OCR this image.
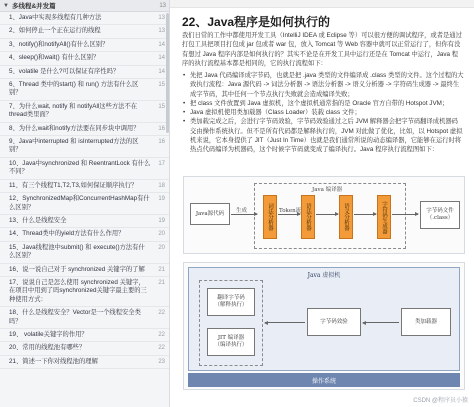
▼ 多线程&并发篇	13
1、Java中实现多线程有几种方法	13
2、如何停止一个正在运行的线程	13
3、notify()和notifyAll()有什么区别？	14
4、sleep()和wait() 有什么区别？	14
5、volatile 是什么?可以保证有序性吗？	14
6、Thread 类中的start() 和 run() 方法有什么区别？
15
7、为什么wait, notify 和 notifyAll这些方法不在thread类里面？
15
8、为什么wait和notify方法要在同步块中调用？	16
9、Java中interrupted 和 isInterrupted方法的区别？
16
10、Java中synchronized 和 ReentrantLock 有什么不同？
17
11、有三个线程T1,T2,T3,如何保证顺序执行？	18
12、SynchronizedMap和ConcurrentHashMap有什么区别？
19
13、什么是线程安全	19
14、Thread类中的yield方法有什么作用？	20
15、Java线程池中submit() 和 execute()方法有什么区别？
20
16、说一说自己对于 synchronized 关键字的了解 21
17、说说自己是怎么使用 synchronized 关键字，在项目中用到了吗synchronized关键字最主要的三种使用方式：
21
18、什么是线程安全？Vector是一个线程安全类吗？
22
19、 volatile关键字的作用？	22
20、常用的线程池有哪些？	22
21、简述一下你对线程池的理解	23
22、Java程序是如何执行的

我们日常的工作中都使用开发工具（IntelliJ IDEA 或 Eclipse 等）可以很方便的调试程序，或者是通过打包工具把项目打包成 jar 包或者 war 包，放入 Tomcat 等 Web 容器中就可以正常运行了，但你有没有想过 Java 程序内部是如何执行的？其实不论是在开发工具中运行还是在 Tomcat 中运行，Java 程序的执行流程基本都是相同的，它的执行流程如下：

• 先把 Java 代码编译成字节码，也就是把 .java 类型的文件编译成 .class 类型的文件。这个过程的大致执行流程：Java 源代码 -> 词法分析器 -> 语法分析器 -> 语义分析器 -> 字符码生成器 -> 最终生成字节码，其中任何一个节点执行失败就会造成编译失败；
• 把 class 文件放置到 Java 虚拟机，这个虚拟机通常指的是 Oracle 官方自带的 Hotspot JVM；
• Java 虚拟机使用类加载器（Class Loader）装载 class 文件；
• 类加载完成之后，会进行字节码效验，字节码效验通过之后 JVM 解释器会把字节码翻译成机器码交由操作系统执行。但不是所有代码都是解释执行的，JVM 对此做了优化，比如，以 Hotspot 虚拟机来说，它本身提供了 JIT（Just In Time）也就是我们通常所说的动态编译器，它能够在运行时将热点代码编译为机器码，这个时候字节码就变成了编译执行。Java 程序执行流程图如下：
Java 编译器
Java源代码 生成	词法分析器	Token流 语法分析器	语义分析器	字符码生成器	字节码文件
（.class）
Java 虚拟机
翻译字节码
（解释执行）
JIT 编译器
（编译执行）
字节码效验	类加载器
操作系统
CSDN @程序员小猿
